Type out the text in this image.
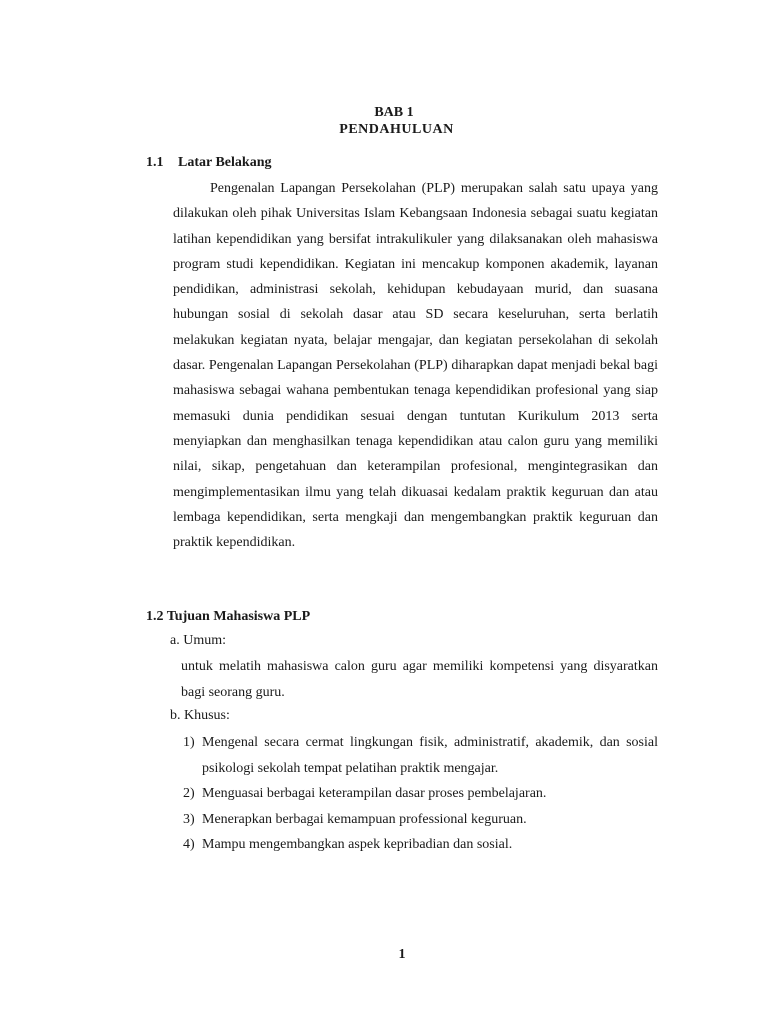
BAB 1
PENDAHULUAN
1.1 Latar Belakang

Pengenalan Lapangan Persekolahan (PLP) merupakan salah satu upaya yang dilakukan oleh pihak Universitas Islam Kebangsaan Indonesia sebagai suatu kegiatan latihan kependidikan yang bersifat intrakulikuler yang dilaksanakan oleh mahasiswa program studi kependidikan. Kegiatan ini mencakup komponen akademik, layanan pendidikan, administrasi sekolah, kehidupan kebudayaan murid, dan suasana hubungan sosial di sekolah dasar atau SD secara keseluruhan, serta berlatih melakukan kegiatan nyata, belajar mengajar, dan kegiatan persekolahan di sekolah dasar. Pengenalan Lapangan Persekolahan (PLP) diharapkan dapat menjadi bekal bagi mahasiswa sebagai wahana pembentukan tenaga kependidikan profesional yang siap memasuki dunia pendidikan sesuai dengan tuntutan Kurikulum 2013 serta menyiapkan dan menghasilkan tenaga kependidikan atau calon guru yang memiliki nilai, sikap, pengetahuan dan keterampilan profesional, mengintegrasikan dan mengimplementasikan ilmu yang telah dikuasai kedalam praktik keguruan dan atau lembaga kependidikan, serta mengkaji dan mengembangkan praktik keguruan dan praktik kependidikan.

1.2 Tujuan Mahasiswa PLP
a. Umum:

untuk melatih mahasiswa calon guru agar memiliki kompetensi yang disyaratkan bagi seorang guru.

b. Khusus:
1) Mengenal secara cermat lingkungan fisik, administratif, akademik, dan sosial psikologi sekolah tempat pelatihan praktik mengajar.
2) Menguasai berbagai keterampilan dasar proses pembelajaran.
3) Menerapkan berbagai kemampuan professional keguruan.
4) Mampu mengembangkan aspek kepribadian dan sosial.
1
